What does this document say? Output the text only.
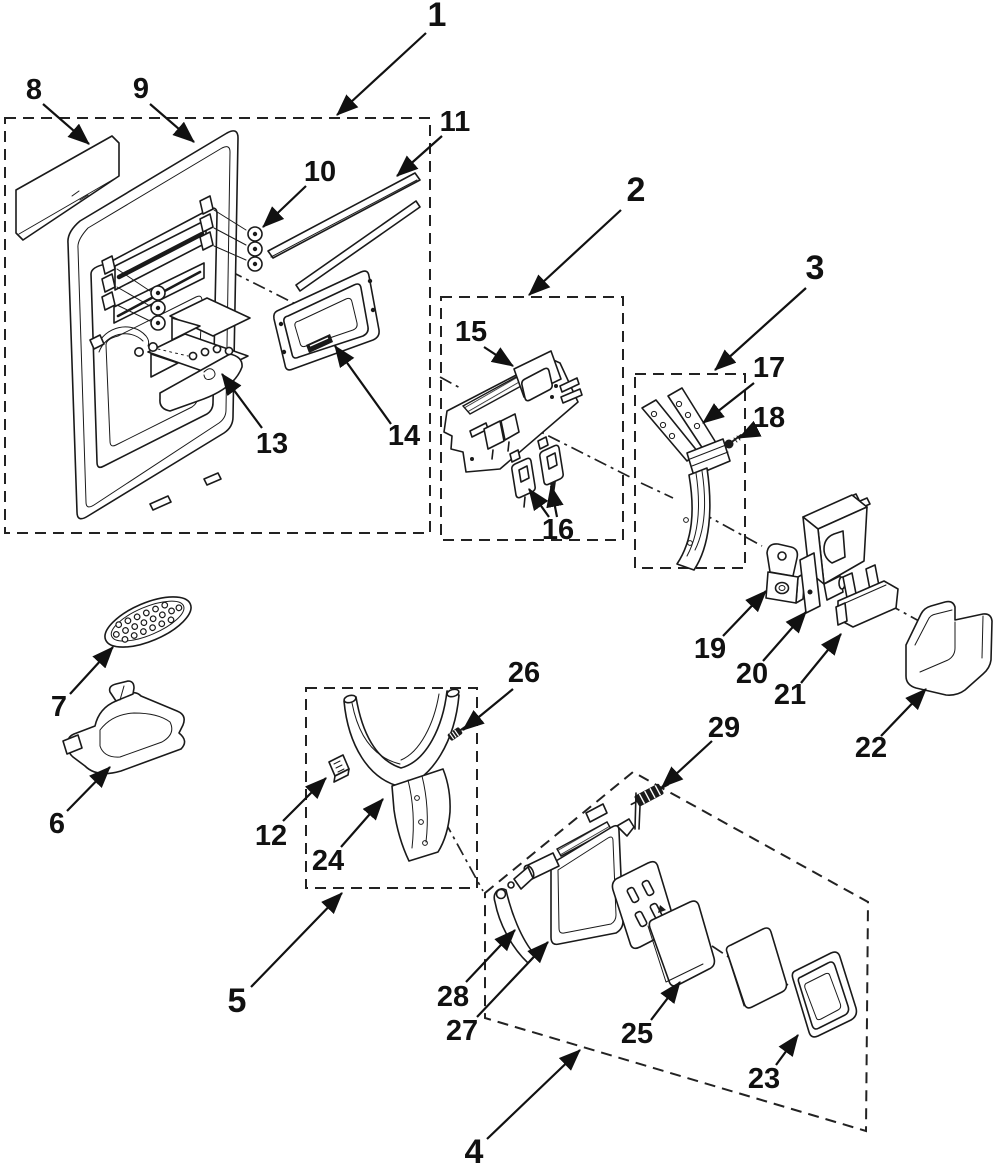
1
2
3
4
5
6
7
8	9
10
11
12
13	14
15
16
17
18
19
20
21
22
23
24
25
26
27
28
29
